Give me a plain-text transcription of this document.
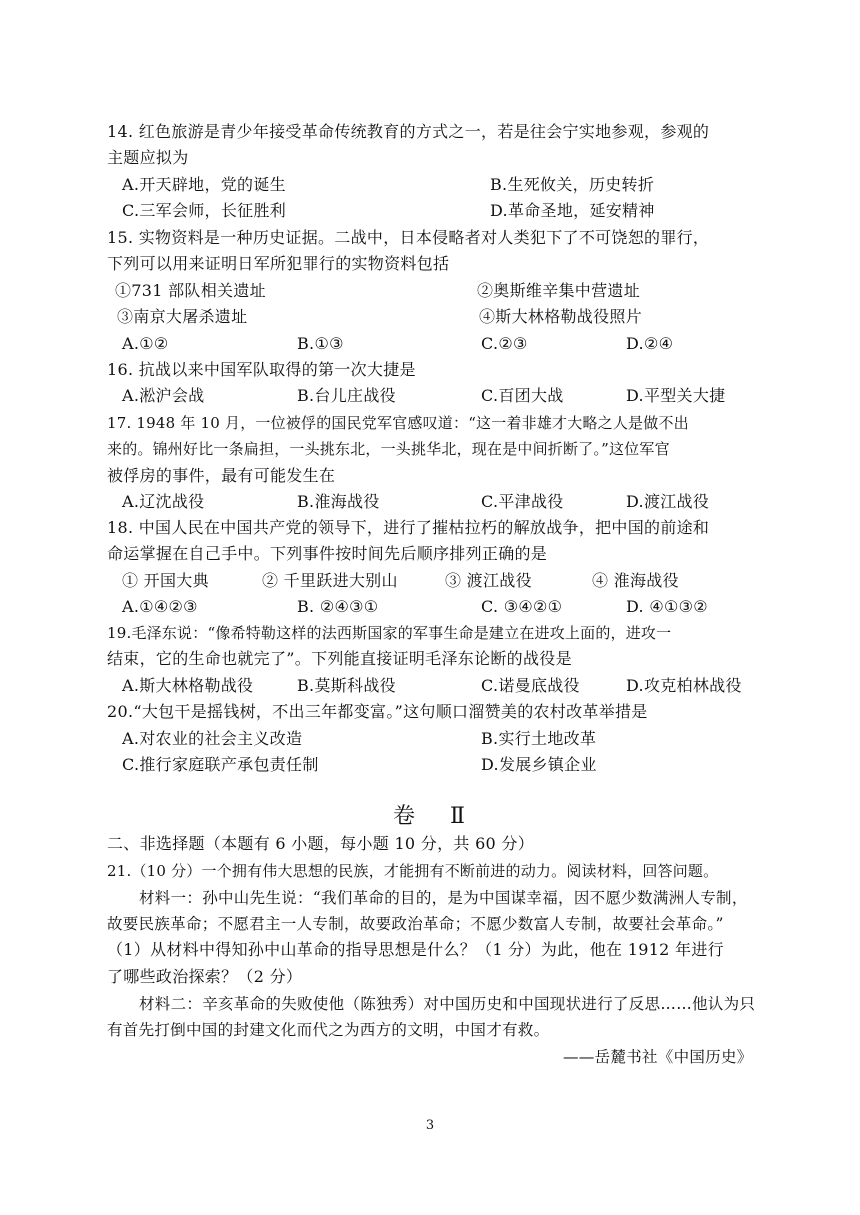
14. 红色旅游是青少年接受革命传统教育的方式之一，若是往会宁实地参观，参观的
主题应拟为
A.开天辟地，党的诞生	B.生死攸关，历史转折
C.三军会师，长征胜利	D.革命圣地，延安精神
15. 实物资料是一种历史证据。二战中，日本侵略者对人类犯下了不可饶恕的罪行，
下列可以用来证明日军所犯罪行的实物资料包括
①731 部队相关遗址	②奥斯维辛集中营遗址
③南京大屠杀遗址	④斯大林格勒战役照片
A.①②	B.①③	C.②③	D.②④
16. 抗战以来中国军队取得的第一次大捷是
A.淞沪会战	B.台儿庄战役	C.百团大战	D.平型关大捷
17. 1948 年 10 月，一位被俘的国民党军官感叹道：“这一着非雄才大略之人是做不出
来的。锦州好比一条扁担，一头挑东北，一头挑华北，现在是中间折断了。”这位军官
被俘房的事件，最有可能发生在
A.辽沈战役	B.淮海战役	C.平津战役	D.渡江战役
18. 中国人民在中国共产党的领导下，进行了摧枯拉朽的解放战争，把中国的前途和
命运掌握在自己手中。下列事件按时间先后顺序排列正确的是
① 开国大典	② 千里跃进大别山	③ 渡江战役	④ 淮海战役
A.①④②③	B. ②④③①	C. ③④②①	D. ④①③②
19.毛泽东说：“像希特勒这样的法西斯国家的军事生命是建立在进攻上面的，进攻一
结束，它的生命也就完了”。下列能直接证明毛泽东论断的战役是
A.斯大林格勒战役	B.莫斯科战役	C.诺曼底战役	D.攻克柏林战役
20.“大包干是摇钱树，不出三年都变富。”这句顺口溜赞美的农村改革举措是
A.对农业的社会主义改造	B.实行土地改革
C.推行家庭联产承包责任制	D.发展乡镇企业
卷　 Ⅱ
二、非选择题（本题有 6 小题，每小题 10 分，共 60 分）
21.（10 分）一个拥有伟大思想的民族，才能拥有不断前进的动力。阅读材料，回答问题。
材料一：孙中山先生说：“我们革命的目的，是为中国谋幸福，因不愿少数满洲人专制，
故要民族革命；不愿君主一人专制，故要政治革命；不愿少数富人专制，故要社会革命。”
（1）从材料中得知孙中山革命的指导思想是什么？（1 分）为此，他在 1912 年进行
了哪些政治探索？（2 分）
材料二：辛亥革命的失败使他（陈独秀）对中国历史和中国现状进行了反思……他认为只
有首先打倒中国的封建文化而代之为西方的文明，中国才有救。
——岳麓书社《中国历史》
3
